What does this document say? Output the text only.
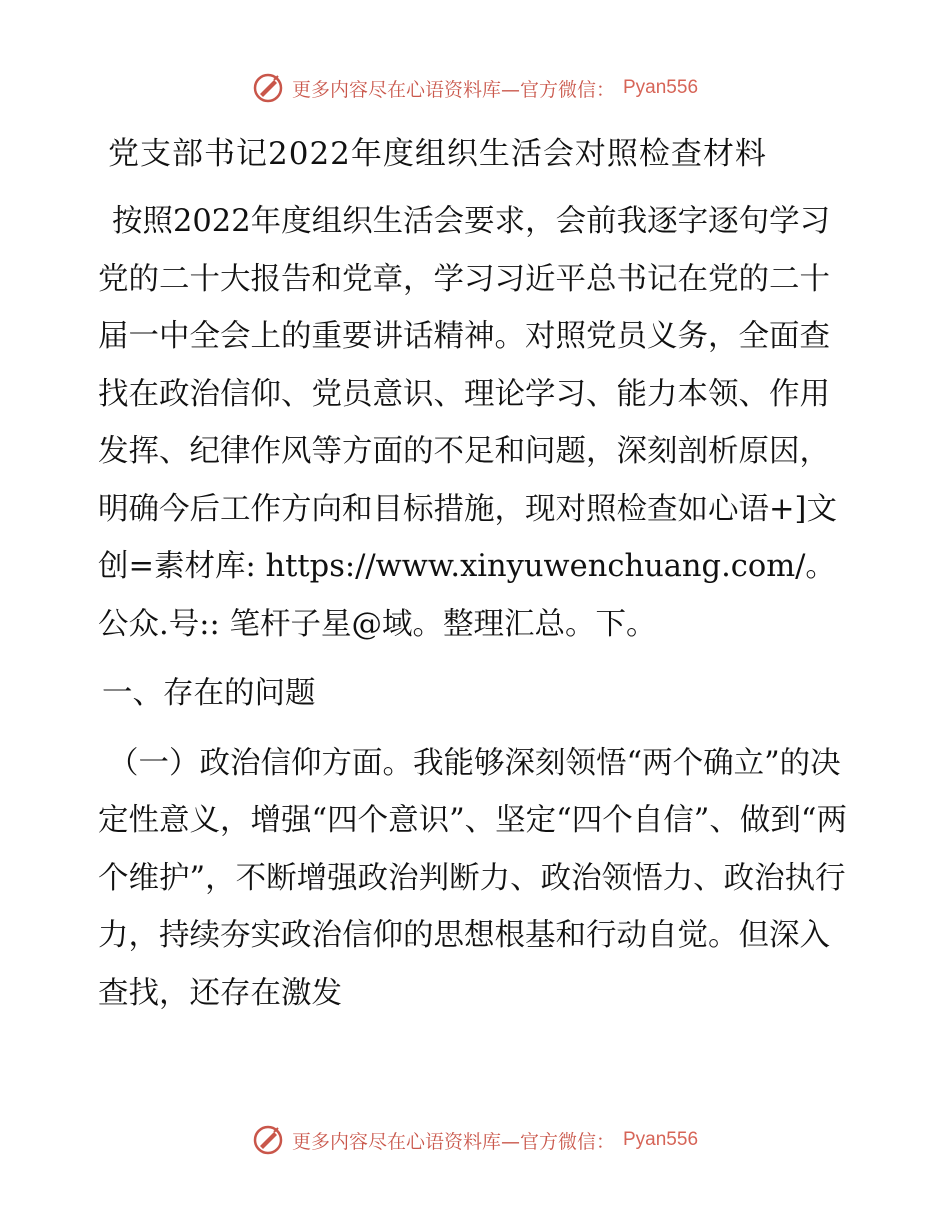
更多内容尽在心语资料库—官方微信： Pyan556
党支部书记2022年度组织生活会对照检查材料

按照2022年度组织生活会要求，会前我逐字逐句学习党的二十大报告和党章，学习习近平总书记在党的二十届一中全会上的重要讲话精神。对照党员义务，全面查找在政治信仰、党员意识、理论学习、能力本领、作用发挥、纪律作风等方面的不足和问题，深刻剖析原因，明确今后工作方向和目标措施，现对照检查如心语+]文创=素材库: https://www.xinyuwenchuang.com/。公众.号:: 笔杆子星@域。整理汇总。下。

一、存在的问题

（一）政治信仰方面。我能够深刻领悟“两个确立”的决定性意义，增强“四个意识”、坚定“四个自信”、做到“两个维护”，不断增强政治判断力、政治领悟力、政治执行力，持续夯实政治信仰的思想根基和行动自觉。但深入查找，还存在激发

更多内容尽在心语资料库—官方微信： Pyan556
